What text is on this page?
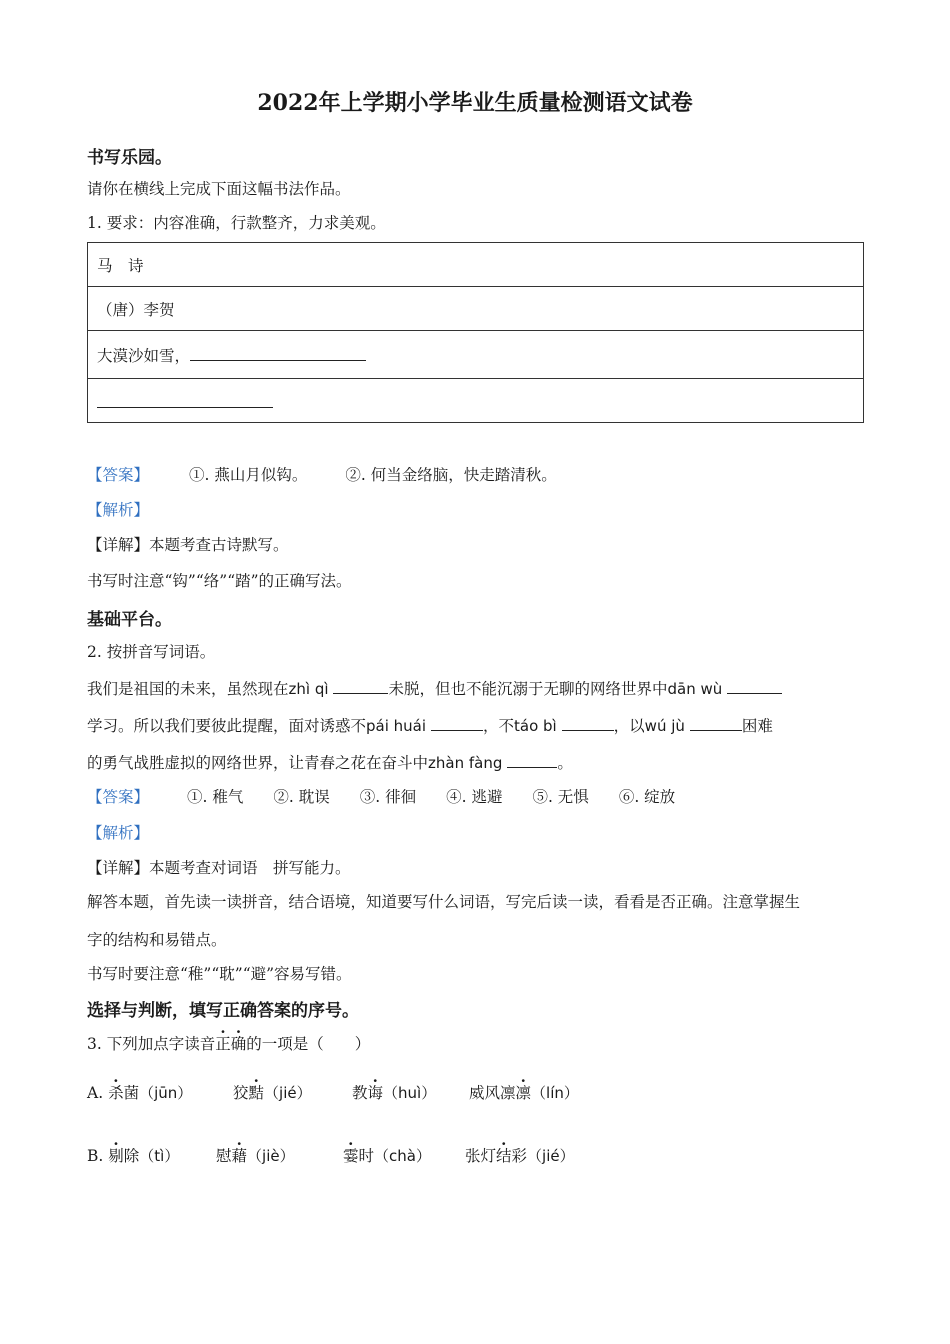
2022年上学期小学毕业生质量检测语文试卷
书写乐园。
请你在横线上完成下面这幅书法作品。
1. 要求：内容准确，行款整齐，力求美观。
马　诗
（唐）李贺
大漠沙如雪，

【答案】	①. 燕山月似钩。 ②. 何当金络脑，快走踏清秋。
【解析】
【详解】本题考查古诗默写。
书写时注意“钩”“络”“踏”的正确写法。
基础平台。
2. 按拼音写词语。
我们是祖国的未来，虽然现在zhì qì	未脱，但也不能沉溺于无聊的网络世界中dān wù
学习。所以我们要彼此提醒，面对诱惑不pái huái	，不táo bì	，以wú jù	困难
的勇气战胜虚拟的网络世界，让青春之花在奋斗中zhàn fàng	。
【答案】 ①. 稚气 ②. 耽误 ③. 徘徊 ④. 逃避 ⑤. 无惧 ⑥. 绽放
【解析】
【详解】本题考查对词语　拼写能力。
解答本题，首先读一读拼音，结合语境，知道要写什么词语，写完后读一读，看看是否正确。注意掌握生
字的结构和易错点。
书写时要注意“稚”“耽”“避”容易写错。
选择与判断，填写正确答案的序号。
3. 下列加点字读音正确的一项是（　　）
A. 杀菌（jūn）	狡黠（jié）	教诲（huì） 威风凛凛（lín）
B. 剔除（tì） 慰藉（jiè）	霎时（chà） 张灯结彩（jié）
